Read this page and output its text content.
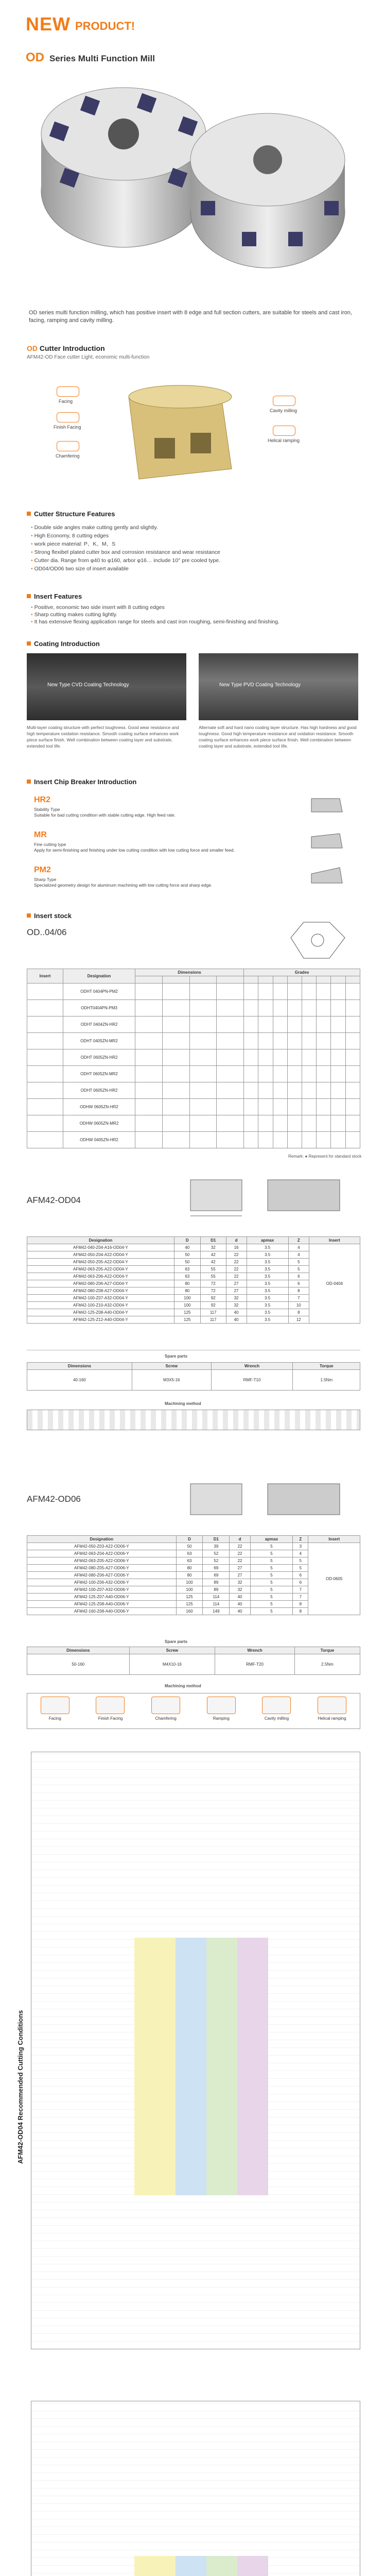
NEW PRODUCT!
OD Series Multi Function Mill
OD series multi function milling, which has positive insert with 8 edge and full section cutters, are suitable for steels and cast iron, facing, ramping and cavity milling.
OD Cutter Introduction
AFM42-OD Face cutter Light, economic multi-function
Facing
Finish Facing
Chamfering
Cavity milling
Helical ramping
Cutter Structure Features
• Double side angles make cutting gently and slightly.
• High Economy, 8 cutting edges
• work piece material: P、K、M、S
• Strong flexibel plated cutter box and corrosion resistance and wear resistance
• Cutter dia. Range from φ40 to φ160, arbor φ16… include 10° pre cooled type.
• OD04/OD06 two size of insert available
Insert Features
• Positive, economic two side insert with 8 cutting edges
• Sharp cutting makes cutting lightly.
• It has extensive flexing application range for steels and cast iron roughing, semi-finishing and finishing.
Coating Introduction
New Type CVD Coating Technology	New Type PVD Coating Technology
Multi-layer coating structure with perfect toughness. Good wear resistance and high temperature oxidation resistance. Smooth coating surface enhances work piece surface finish. Well combination between coating layer and substrate, extended tool life.
Alternate soft and hard nano coating layer structure. Has high hardness and good toughness. Good high temperature resistance and oxidation resistance. Smooth coating surface enhances work piece surface finish. Well combination between coating layer and substrate, extended tool life.
Insert Chip Breaker Introduction
HR2
Stability Type
Suitable for bad cutting condition with stable cutting edge. High feed rate.
MR
Fine cutting type
Apply for semi-finishing and finishing under low cutting condition with low cutting force and smaller feed.
PM2
Sharp Type
Specialized geometry design for aluminum machining with low cutting force and sharp edge.
Insert stock
OD..04/06
Insert	Designation	Dimensions				Grades							

	ODHT 0404PN-PM2												
	ODHT0404PN-PM3												
	ODHT 0404ZN-HR2												
	ODHT 0405ZN-MR2												
	ODHT 0605ZN-HR2												
	ODHT 0605ZN-MR2												
	ODHT 0605ZN-HR2												
	ODHW 0605ZN-HR2												
	ODHW 0605ZN-MR2												
	ODHW 0405ZN-HR2												
Remark: ● Represent for standard stock
AFM42-OD04
Designation	D	D1	d	apmax	Z	Insert
AFM42-040-Z04-A16-OD04-Y	40	32	16	3.5	4	OD-0404
AFM42-050-Z04-A22-OD04-Y	50	42	22	3.5	4	
AFM42-050-Z05-A22-OD04-Y	50	42	22	3.5	5	
AFM42-063-Z05-A22-OD04-Y	63	55	22	3.5	5	
AFM42-063-Z06-A22-OD04-Y	63	55	22	3.5	6	
AFM42-080-Z06-A27-OD04-Y	80	72	27	3.5	6	
AFM42-080-Z08-A27-OD04-Y	80	72	27	3.5	8	
AFM42-100-Z07-A32-OD04-Y	100	92	32	3.5	7	
AFM42-100-Z10-A32-OD04-Y	100	92	32	3.5	10	
AFM42-125-Z08-A40-OD04-Y	125	117	40	3.5	8	
AFM42-125-Z12-A40-OD04-Y	125	117	40	3.5	12	
Spare parts
Dimensions	Screw	Wrench	Torque
40-160	M3X5-16	RMF-T10	1.5Nm
Machining method
AFM42-OD06
Designation	D	D1	d	apmax	Z	Insert
AFM42-050-Z03-A22-OD06-Y	50	39	22	5	3	OD-0605
AFM42-063-Z04-A22-OD06-Y	63	52	22	5	4	
AFM42-063-Z05-A22-OD06-Y	63	52	22	5	5	
AFM42-080-Z05-A27-OD06-Y	80	69	27	5	5	
AFM42-080-Z06-A27-OD06-Y	80	69	27	5	6	
AFM42-100-Z06-A32-OD06-Y	100	89	32	5	6	
AFM42-100-Z07-A32-OD06-Y	100	89	32	5	7	
AFM42-125-Z07-A40-OD06-Y	125	114	40	5	7	
AFM42-125-Z08-A40-OD06-Y	125	114	40	5	8	
AFM42-160-Z08-A40-OD06-Y	160	149	40	5	8	
Spare parts
Dimensions	Screw	Wrench	Torque
50-160	M4X10-16	RMF-T20	2.5Nm
Machining method
Facing	Finish Facing	Chamfering	Ramping	Cavity milling	Helical ramping
AFM42-OD04 Recommended Cutting Conditions
